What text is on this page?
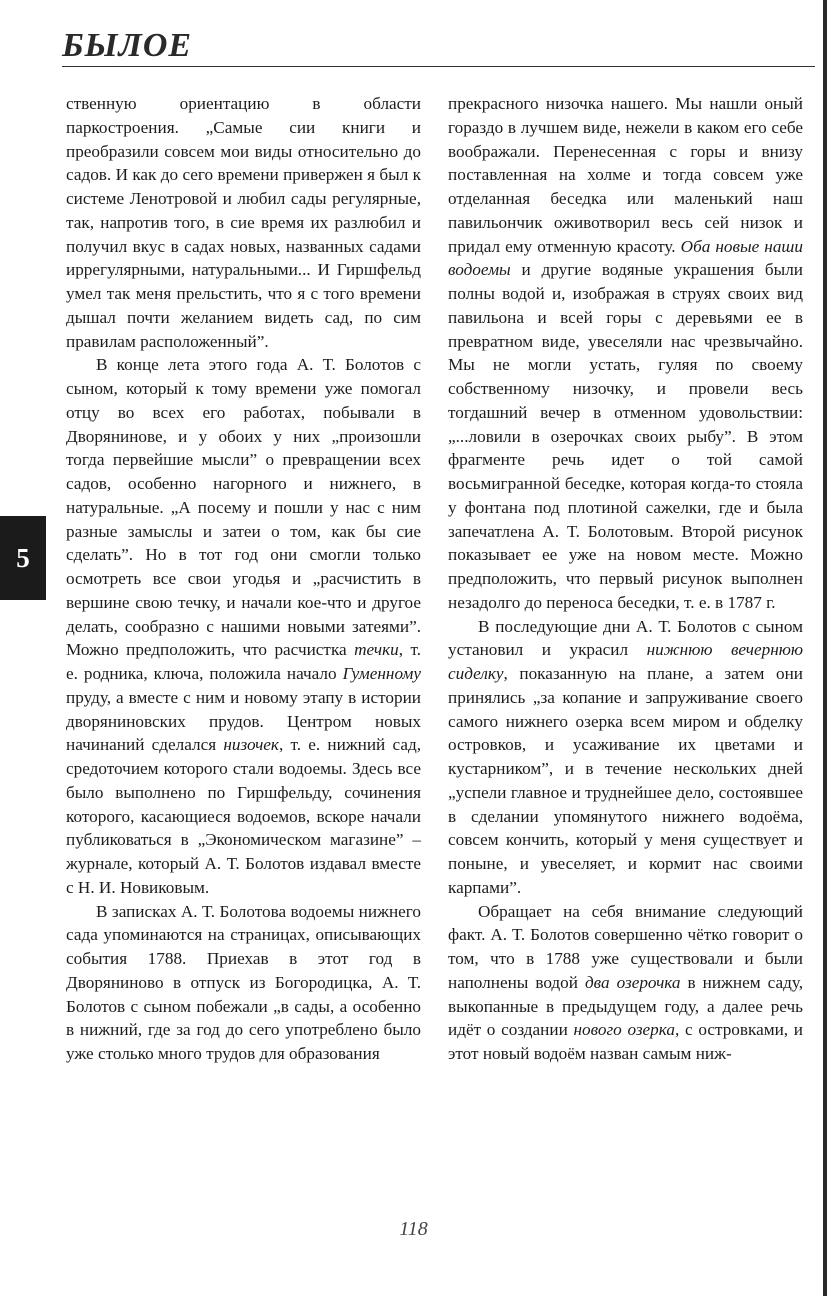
БЫЛОЕ

ственную ориентацию в области паркостроения. „Самые сии книги и преобразили совсем мои виды относительно до садов. И как до сего времени привержен я был к системе Ленотровой и любил сады регулярные, так, напротив того, в сие время их разлюбил и получил вкус в садах новых, названных садами иррегулярными, натуральными... И Гиршфельд умел так меня прельстить, что я с того времени дышал почти желанием видеть сад, по сим правилам расположенный”.

В конце лета этого года А. Т. Болотов с сыном, который к тому времени уже помогал отцу во всех его работах, побывали в Дворянинове, и у обоих у них „произошли тогда первейшие мысли” о превращении всех садов, особенно нагорного и нижнего, в натуральные. „А посему и пошли у нас с ним разные замыслы и затеи о том, как бы сие сделать”. Но в тот год они смогли только осмотреть все свои угодья и „расчистить в вершине свою течку, и начали кое-что и другое делать, сообразно с нашими новыми затеями”. Можно предположить, что расчистка течки, т. е. родника, ключа, положила начало Гуменному пруду, а вместе с ним и новому этапу в истории дворяниновских прудов. Центром новых начинаний сделался низочек, т. е. нижний сад, средоточием которого стали водоемы. Здесь все было выполнено по Гиршфельду, сочинения которого, касающиеся водоемов, вскоре начали публиковаться в „Экономическом магазине” – журнале, который А. Т. Болотов издавал вместе с Н. И. Новиковым.

В записках А. Т. Болотова водоемы нижнего сада упоминаются на страницах, описывающих события 1788. Приехав в этот год в Дворяниново в отпуск из Богородицка, А. Т. Болотов с сыном побежали „в сады, а особенно в нижний, где за год до сего употреблено было уже столько много трудов для образования

прекрасного низочка нашего. Мы нашли оный гораздо в лучшем виде, нежели в каком его себе воображали. Перенесенная с горы и внизу поставленная на холме и тогда совсем уже отделанная беседка или маленький наш павильончик оживотворил весь сей низок и придал ему отменную красоту. Оба новые наши водоемы и другие водяные украшения были полны водой и, изображая в струях своих вид павильона и всей горы с деревьями ее в превратном виде, увеселяли нас чрезвычайно. Мы не могли устать, гуляя по своему собственному низочку, и провели весь тогдашний вечер в отменном удовольствии: „...ловили в озерочках своих рыбу”. В этом фрагменте речь идет о той самой восьмигранной беседке, которая когда-то стояла у фонтана под плотиной сажелки, где и была запечатлена А. Т. Болотовым. Второй рисунок показывает ее уже на новом месте. Можно предположить, что первый рисунок выполнен незадолго до переноса беседки, т. е. в 1787 г.

В последующие дни А. Т. Болотов с сыном установил и украсил нижнюю вечернюю сиделку, показанную на плане, а затем они принялись „за копание и запруживание своего самого нижнего озерка всем миром и обделку островков, и усаживание их цветами и кустарником”, и в течение нескольких дней „успели главное и труднейшее дело, состоявшее в сделании упомянутого нижнего водоёма, совсем кончить, который у меня существует и поныне, и увеселяет, и кормит нас своими карпами”.

Обращает на себя внимание следующий факт. А. Т. Болотов совершенно чётко говорит о том, что в 1788 уже существовали и были наполнены водой два озерочка в нижнем саду, выкопанные в предыдущем году, а далее речь идёт о создании нового озерка, с островками, и этот новый водоём назван самым ниж-

5
118
